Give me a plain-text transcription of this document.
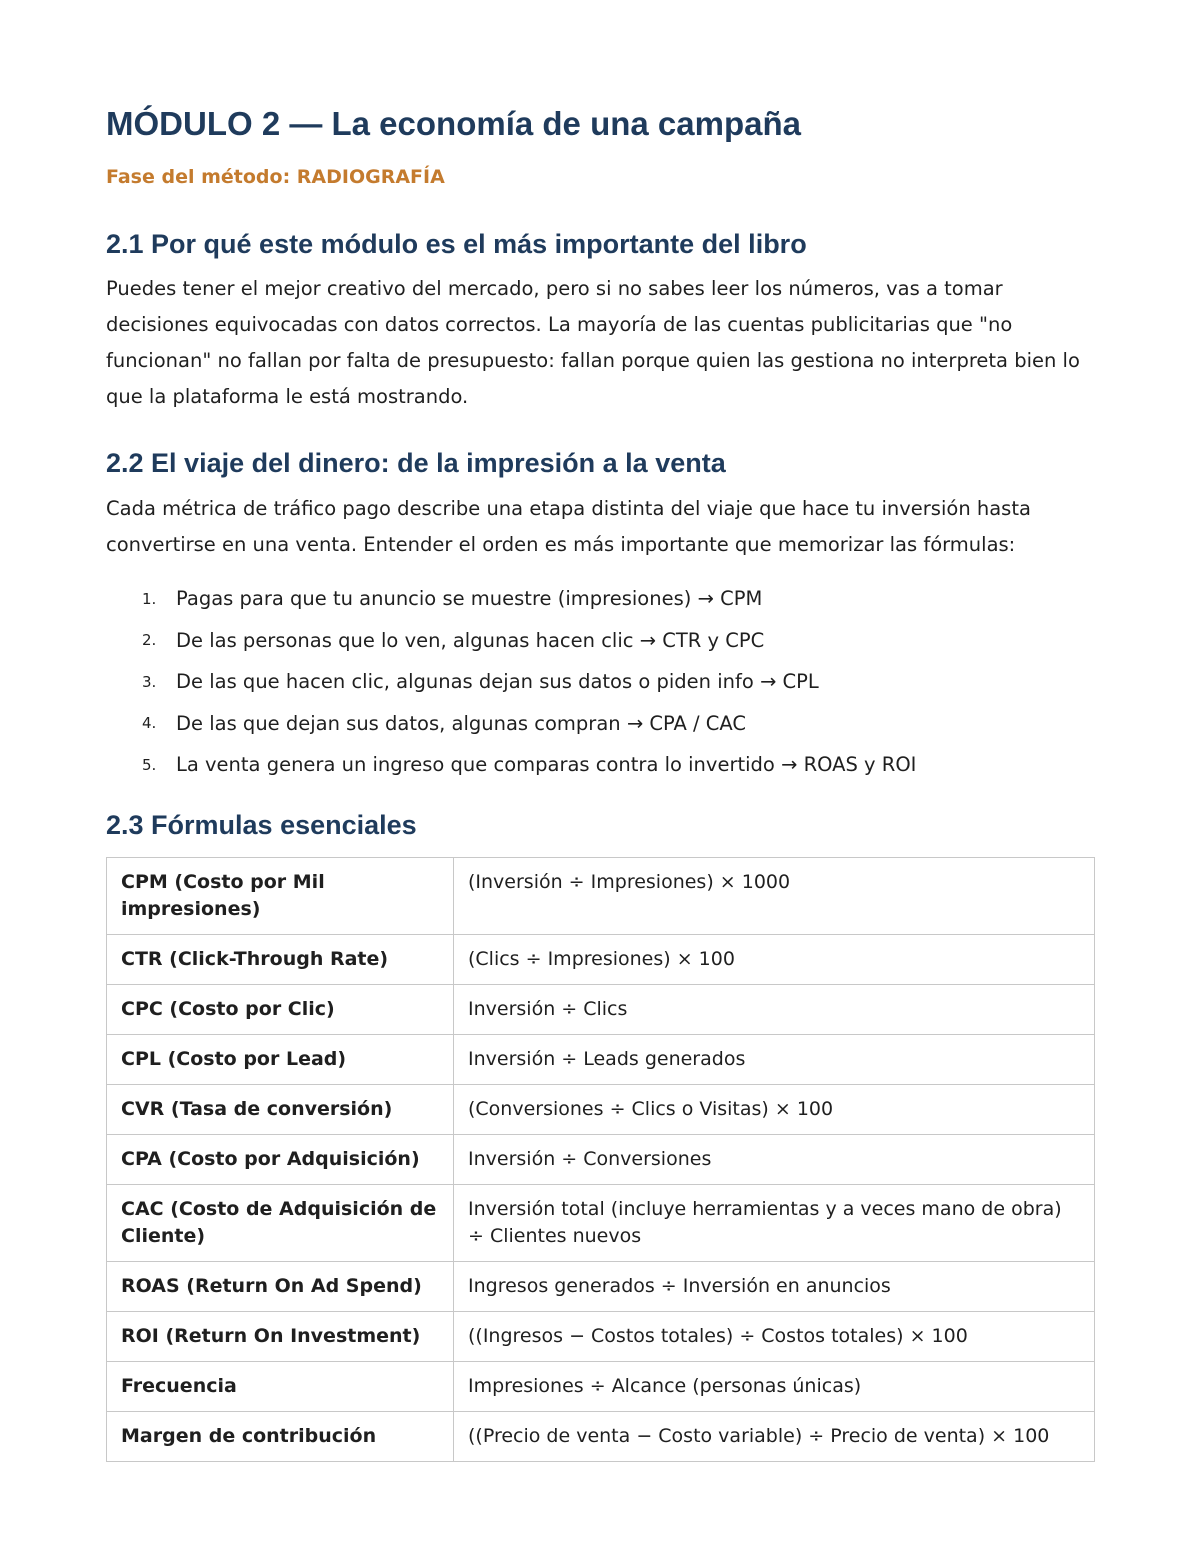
MÓDULO 2 — La economía de una campaña
Fase del método: RADIOGRAFÍA
2.1 Por qué este módulo es el más importante del libro

Puedes tener el mejor creativo del mercado, pero si no sabes leer los números, vas a tomar decisiones equivocadas con datos correctos. La mayoría de las cuentas publicitarias que "no funcionan" no fallan por falta de presupuesto: fallan porque quien las gestiona no interpreta bien lo que la plataforma le está mostrando.

2.2 El viaje del dinero: de la impresión a la venta

Cada métrica de tráfico pago describe una etapa distinta del viaje que hace tu inversión hasta convertirse en una venta. Entender el orden es más importante que memorizar las fórmulas:

1.	Pagas para que tu anuncio se muestre (impresiones) → CPM
2.	De las personas que lo ven, algunas hacen clic → CTR y CPC
3.	De las que hacen clic, algunas dejan sus datos o piden info → CPL
4.	De las que dejan sus datos, algunas compran → CPA / CAC
5.	La venta genera un ingreso que comparas contra lo invertido → ROAS y ROI
2.3 Fórmulas esenciales
CPM (Costo por Mil impresiones)	(Inversión ÷ Impresiones) × 1000
CTR (Click-Through Rate)	(Clics ÷ Impresiones) × 100
CPC (Costo por Clic)	Inversión ÷ Clics
CPL (Costo por Lead)	Inversión ÷ Leads generados
CVR (Tasa de conversión)	(Conversiones ÷ Clics o Visitas) × 100
CPA (Costo por Adquisición)	Inversión ÷ Conversiones
CAC (Costo de Adquisición de Cliente)	Inversión total (incluye herramientas y a veces mano de obra) ÷ Clientes nuevos
ROAS (Return On Ad Spend)	Ingresos generados ÷ Inversión en anuncios
ROI (Return On Investment)	((Ingresos − Costos totales) ÷ Costos totales) × 100
Frecuencia	Impresiones ÷ Alcance (personas únicas)
Margen de contribución	((Precio de venta − Costo variable) ÷ Precio de venta) × 100
